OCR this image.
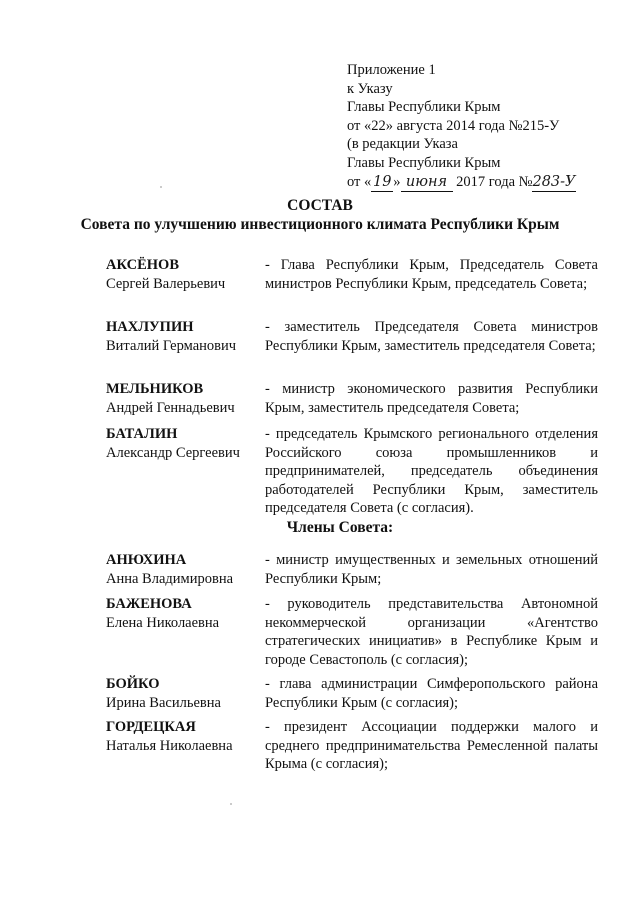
Приложение 1
к Указу
Главы Республики Крым
от «22» августа 2014 года №215-У
(в редакции Указа
Главы Республики Крым
от « 19 » июня 2017 года №283-У
СОСТАВ
Совета по улучшению инвестиционного климата Республики Крым
АКСЁНОВ
Сергей Валерьевич
- Глава Республики Крым, Председатель Совета министров Республики Крым, председатель Совета;
НАХЛУПИН
Виталий Германович
- заместитель Председателя Совета министров Республики Крым, заместитель председателя Совета;
МЕЛЬНИКОВ
Андрей Геннадьевич
- министр экономического развития Республики Крым, заместитель председателя Совета;
БАТАЛИН
Александр Сергеевич
- председатель Крымского регионального отделения Российского союза промышленников и предпринимателей, председатель объединения работодателей Республики Крым, заместитель председателя Совета (с согласия).
Члены Совета:
АНЮХИНА
Анна Владимировна
- министр имущественных и земельных отношений Республики Крым;
БАЖЕНОВА
Елена Николаевна
- руководитель представительства Автономной некоммерческой организации «Агентство стратегических инициатив» в Республике Крым и городе Севастополь (с согласия);
БОЙКО
Ирина Васильевна
- глава администрации Симферопольского района Республики Крым (с согласия);
ГОРДЕЦКАЯ
Наталья Николаевна
- президент Ассоциации поддержки малого и среднего предпринимательства Ремесленной палаты Крыма (с согласия);
